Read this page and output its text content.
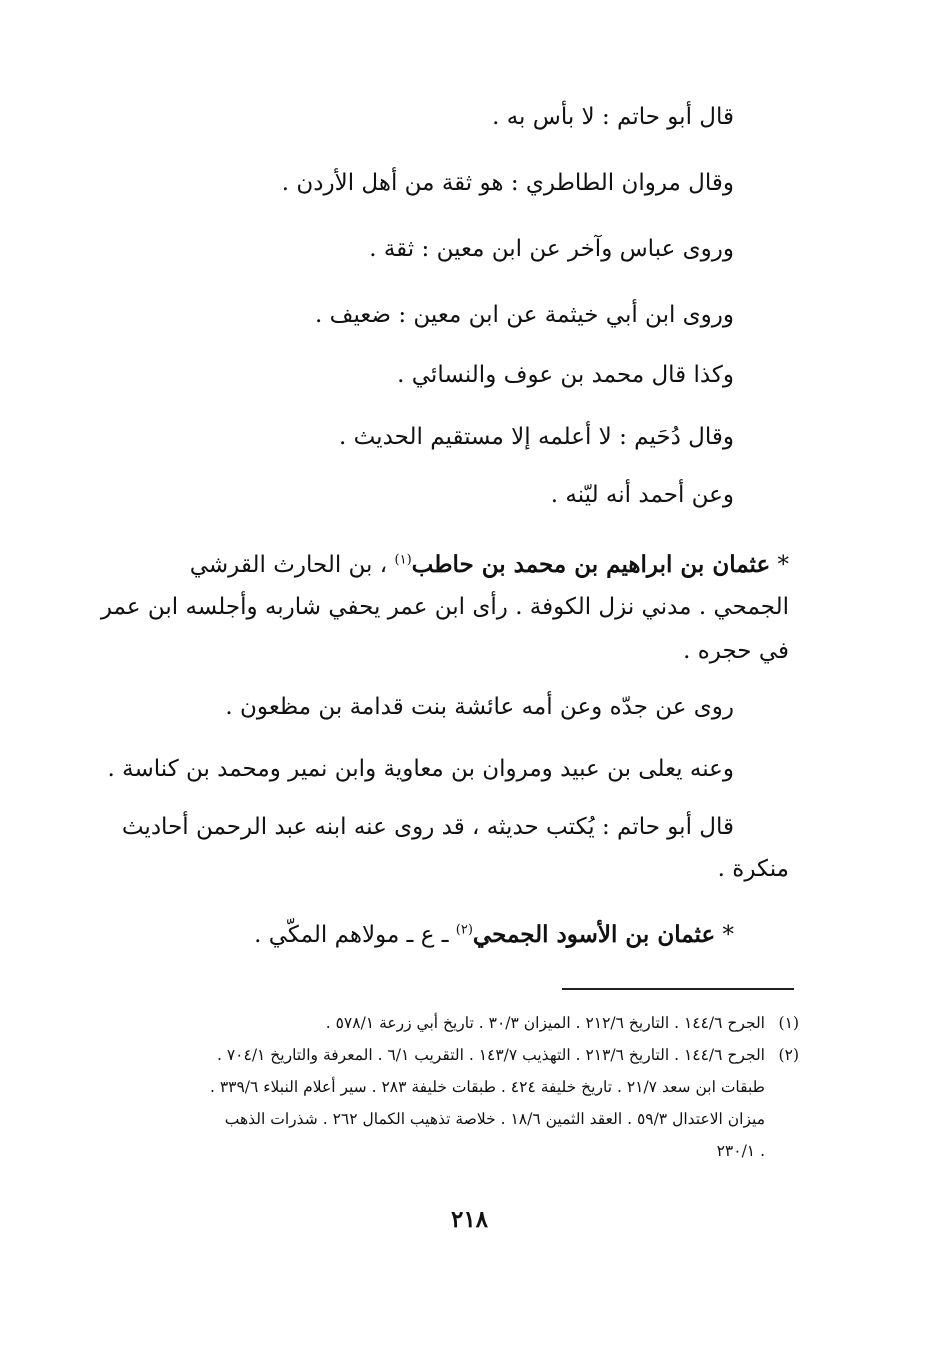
قال أبو حاتم : لا بأس به .
وقال مروان الطاطري : هو ثقة من أهل الأردن .
وروى عباس وآخر عن ابن معين : ثقة .
وروى ابن أبي خيثمة عن ابن معين : ضعيف .
وكذا قال محمد بن عوف والنسائي .
وقال دُحَيم : لا أعلمه إلا مستقيم الحديث .
وعن أحمد أنه ليّنه .
* عثمان بن ابراهيم بن محمد بن حاطب$^{(١)}$ ، بن الحارث القرشي
الجمحي . مدني نزل الكوفة . رأى ابن عمر يحفي شاربه وأجلسه ابن عمر
في حجره .
روى عن جدّه وعن أمه عائشة بنت قدامة بن مظعون .
وعنه يعلى بن عبيد ومروان بن معاوية وابن نمير ومحمد بن كناسة .
قال أبو حاتم : يُكتب حديثه ، قد روى عنه ابنه عبد الرحمن أحاديث
منكرة .
* عثمان بن الأسود الجمحي$^{(٢)}$ ـ ع ـ مولاهم المكّي .
(١)الجرح ١٤٤/٦ . التاريخ ٢١٢/٦ . الميزان ٣٠/٣ . تاريخ أبي زرعة ٥٧٨/١ .
(٢)الجرح ١٤٤/٦ . التاريخ ٢١٣/٦ . التهذيب ١٤٣/٧ . التقريب ٦/١ . المعرفة والتاريخ ٧٠٤/١ .
طبقات ابن سعد ٢١/٧ . تاريخ خليفة ٤٢٤ . طبقات خليفة ٢٨٣ . سير أعلام النبلاء ٣٣٩/٦ .
ميزان الاعتدال ٥٩/٣ . العقد الثمين ١٨/٦ . خلاصة تذهيب الكمال ٢٦٢ . شذرات الذهب
٢٣٠/١ .
٢١٨
